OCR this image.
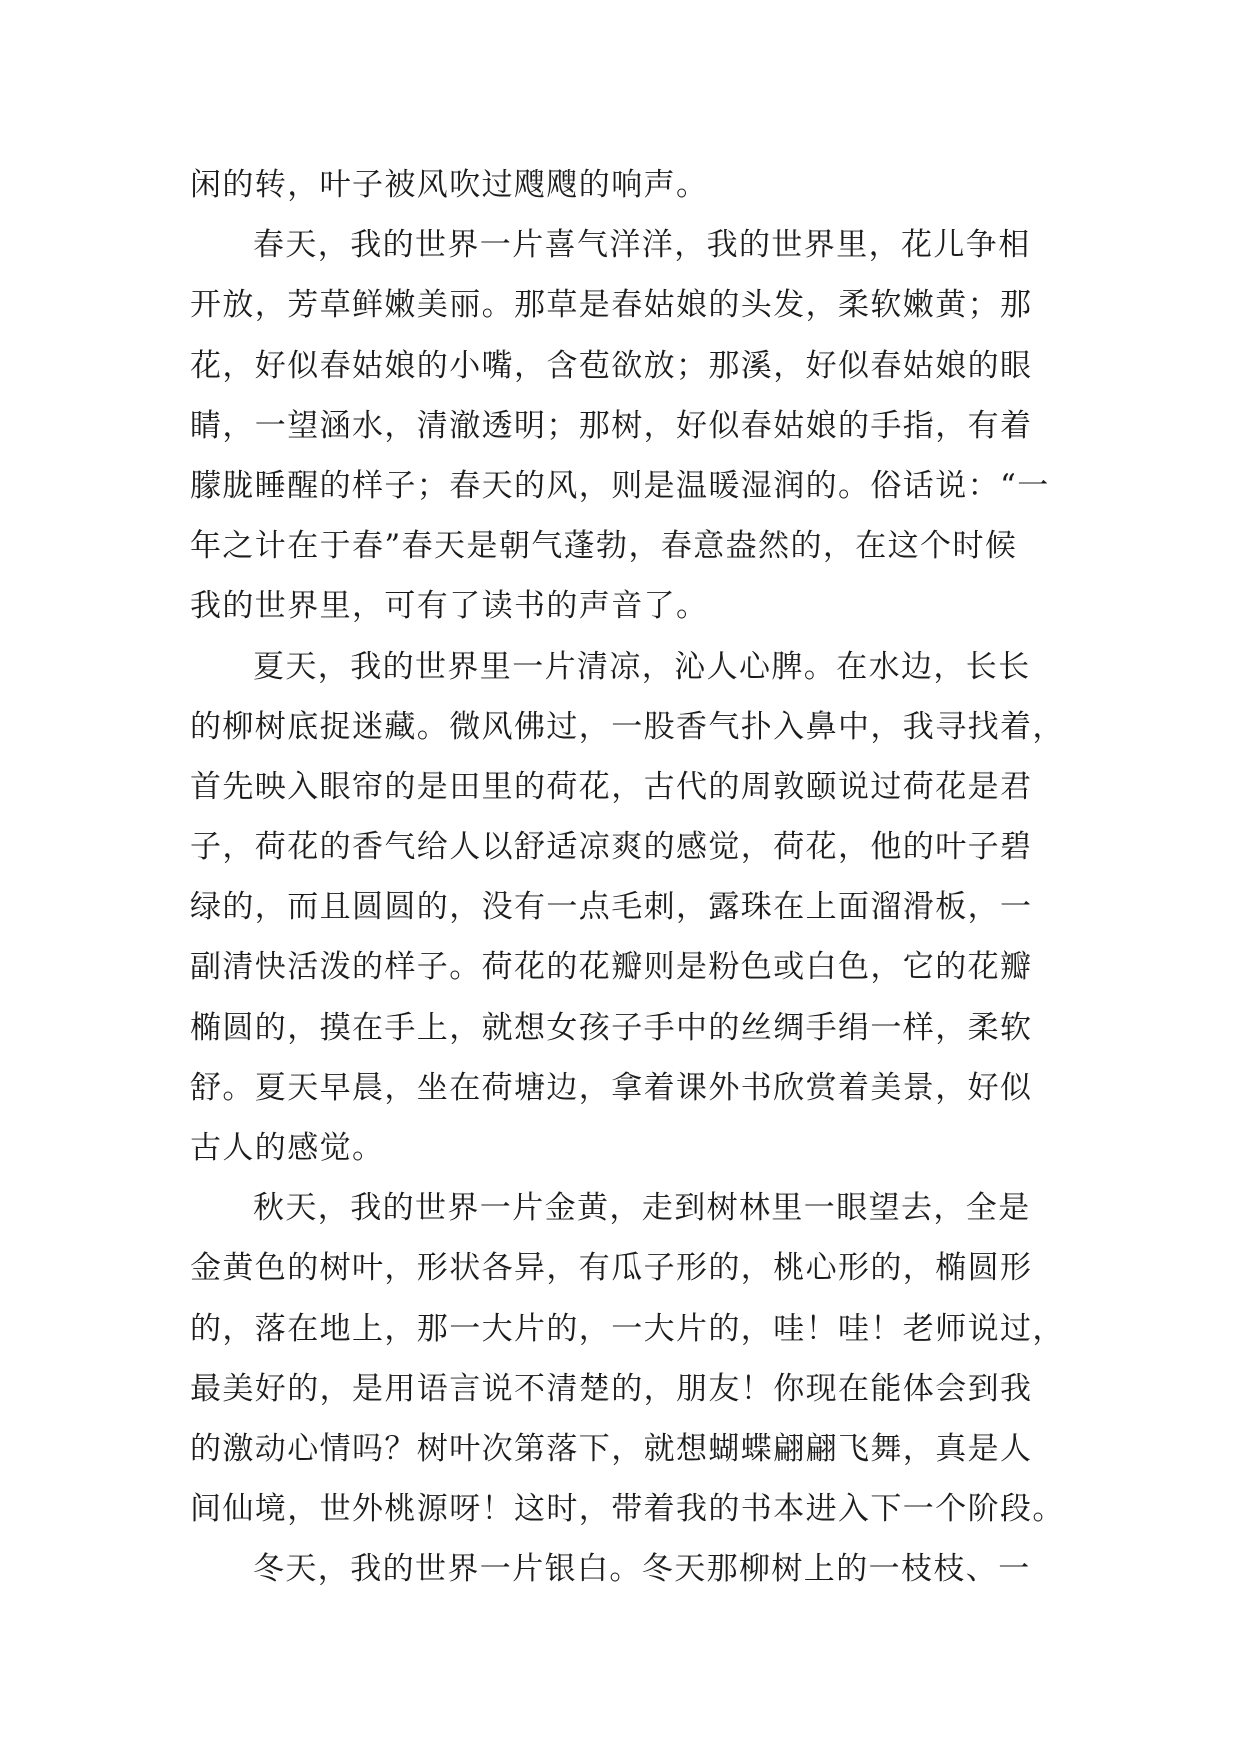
闲的转，叶子被风吹过飕飕的响声。
春天，我的世界一片喜气洋洋，我的世界里，花儿争相
开放，芳草鲜嫩美丽。那草是春姑娘的头发，柔软嫩黄；那
花，好似春姑娘的小嘴，含苞欲放；那溪，好似春姑娘的眼
睛，一望涵水，清澈透明；那树，好似春姑娘的手指，有着
朦胧睡醒的样子；春天的风，则是温暖湿润的。俗话说：“一
年之计在于春”春天是朝气蓬勃，春意盎然的，在这个时候
我的世界里，可有了读书的声音了。
夏天，我的世界里一片清凉，沁人心脾。在水边，长长
的柳树底捉迷藏。微风佛过，一股香气扑入鼻中，我寻找着，
首先映入眼帘的是田里的荷花，古代的周敦颐说过荷花是君
子，荷花的香气给人以舒适凉爽的感觉，荷花，他的叶子碧
绿的，而且圆圆的，没有一点毛刺，露珠在上面溜滑板，一
副清快活泼的样子。荷花的花瓣则是粉色或白色，它的花瓣
椭圆的，摸在手上，就想女孩子手中的丝绸手绢一样，柔软
舒。夏天早晨，坐在荷塘边，拿着课外书欣赏着美景，好似
古人的感觉。
秋天，我的世界一片金黄，走到树林里一眼望去，全是
金黄色的树叶，形状各异，有瓜子形的，桃心形的，椭圆形
的，落在地上，那一大片的，一大片的，哇！哇！老师说过，
最美好的，是用语言说不清楚的，朋友！你现在能体会到我
的激动心情吗？树叶次第落下，就想蝴蝶翩翩飞舞，真是人
间仙境，世外桃源呀！这时，带着我的书本进入下一个阶段。
冬天，我的世界一片银白。冬天那柳树上的一枝枝、一
